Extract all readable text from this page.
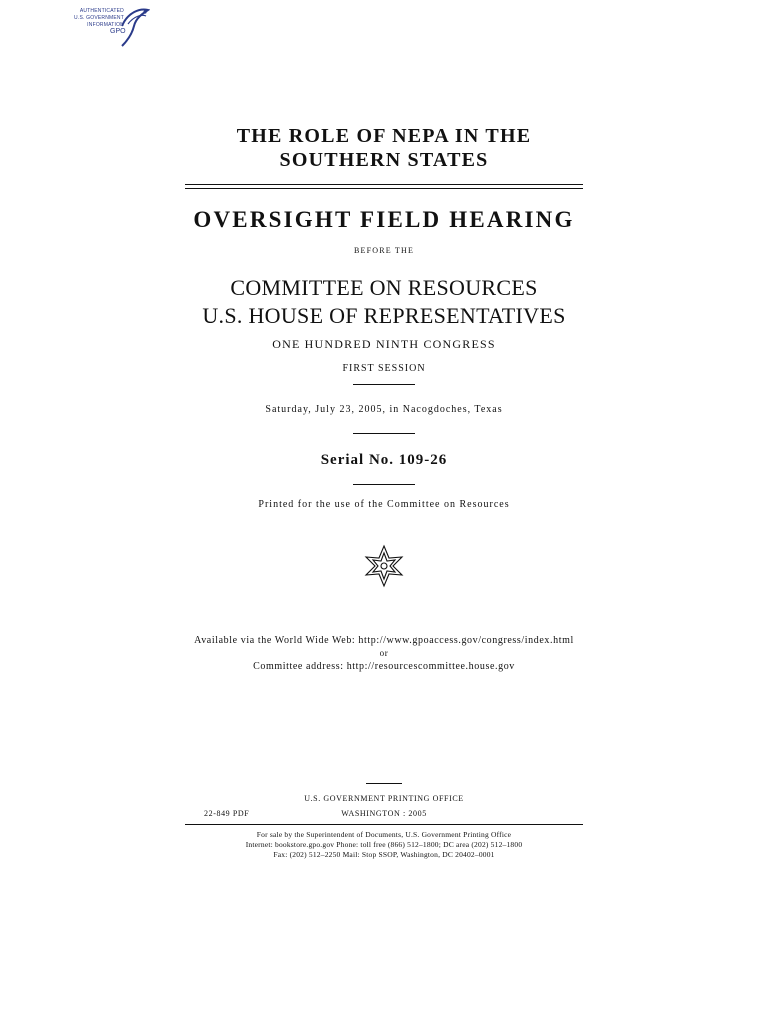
AUTHENTICATED
U.S. GOVERNMENT
INFORMATION
GPO
THE ROLE OF NEPA IN THE
SOUTHERN STATES
OVERSIGHT FIELD HEARING
BEFORE THE
COMMITTEE ON RESOURCES
U.S. HOUSE OF REPRESENTATIVES
ONE HUNDRED NINTH CONGRESS
FIRST SESSION
Saturday, July 23, 2005, in Nacogdoches, Texas
Serial No. 109-26
Printed for the use of the Committee on Resources
Available via the World Wide Web: http://www.gpoaccess.gov/congress/index.html
or
Committee address: http://resourcescommittee.house.gov
U.S. GOVERNMENT PRINTING OFFICE
22-849 PDF	WASHINGTON : 2005
For sale by the Superintendent of Documents, U.S. Government Printing Office
Internet: bookstore.gpo.gov Phone: toll free (866) 512–1800; DC area (202) 512–1800
Fax: (202) 512–2250 Mail: Stop SSOP, Washington, DC 20402–0001
